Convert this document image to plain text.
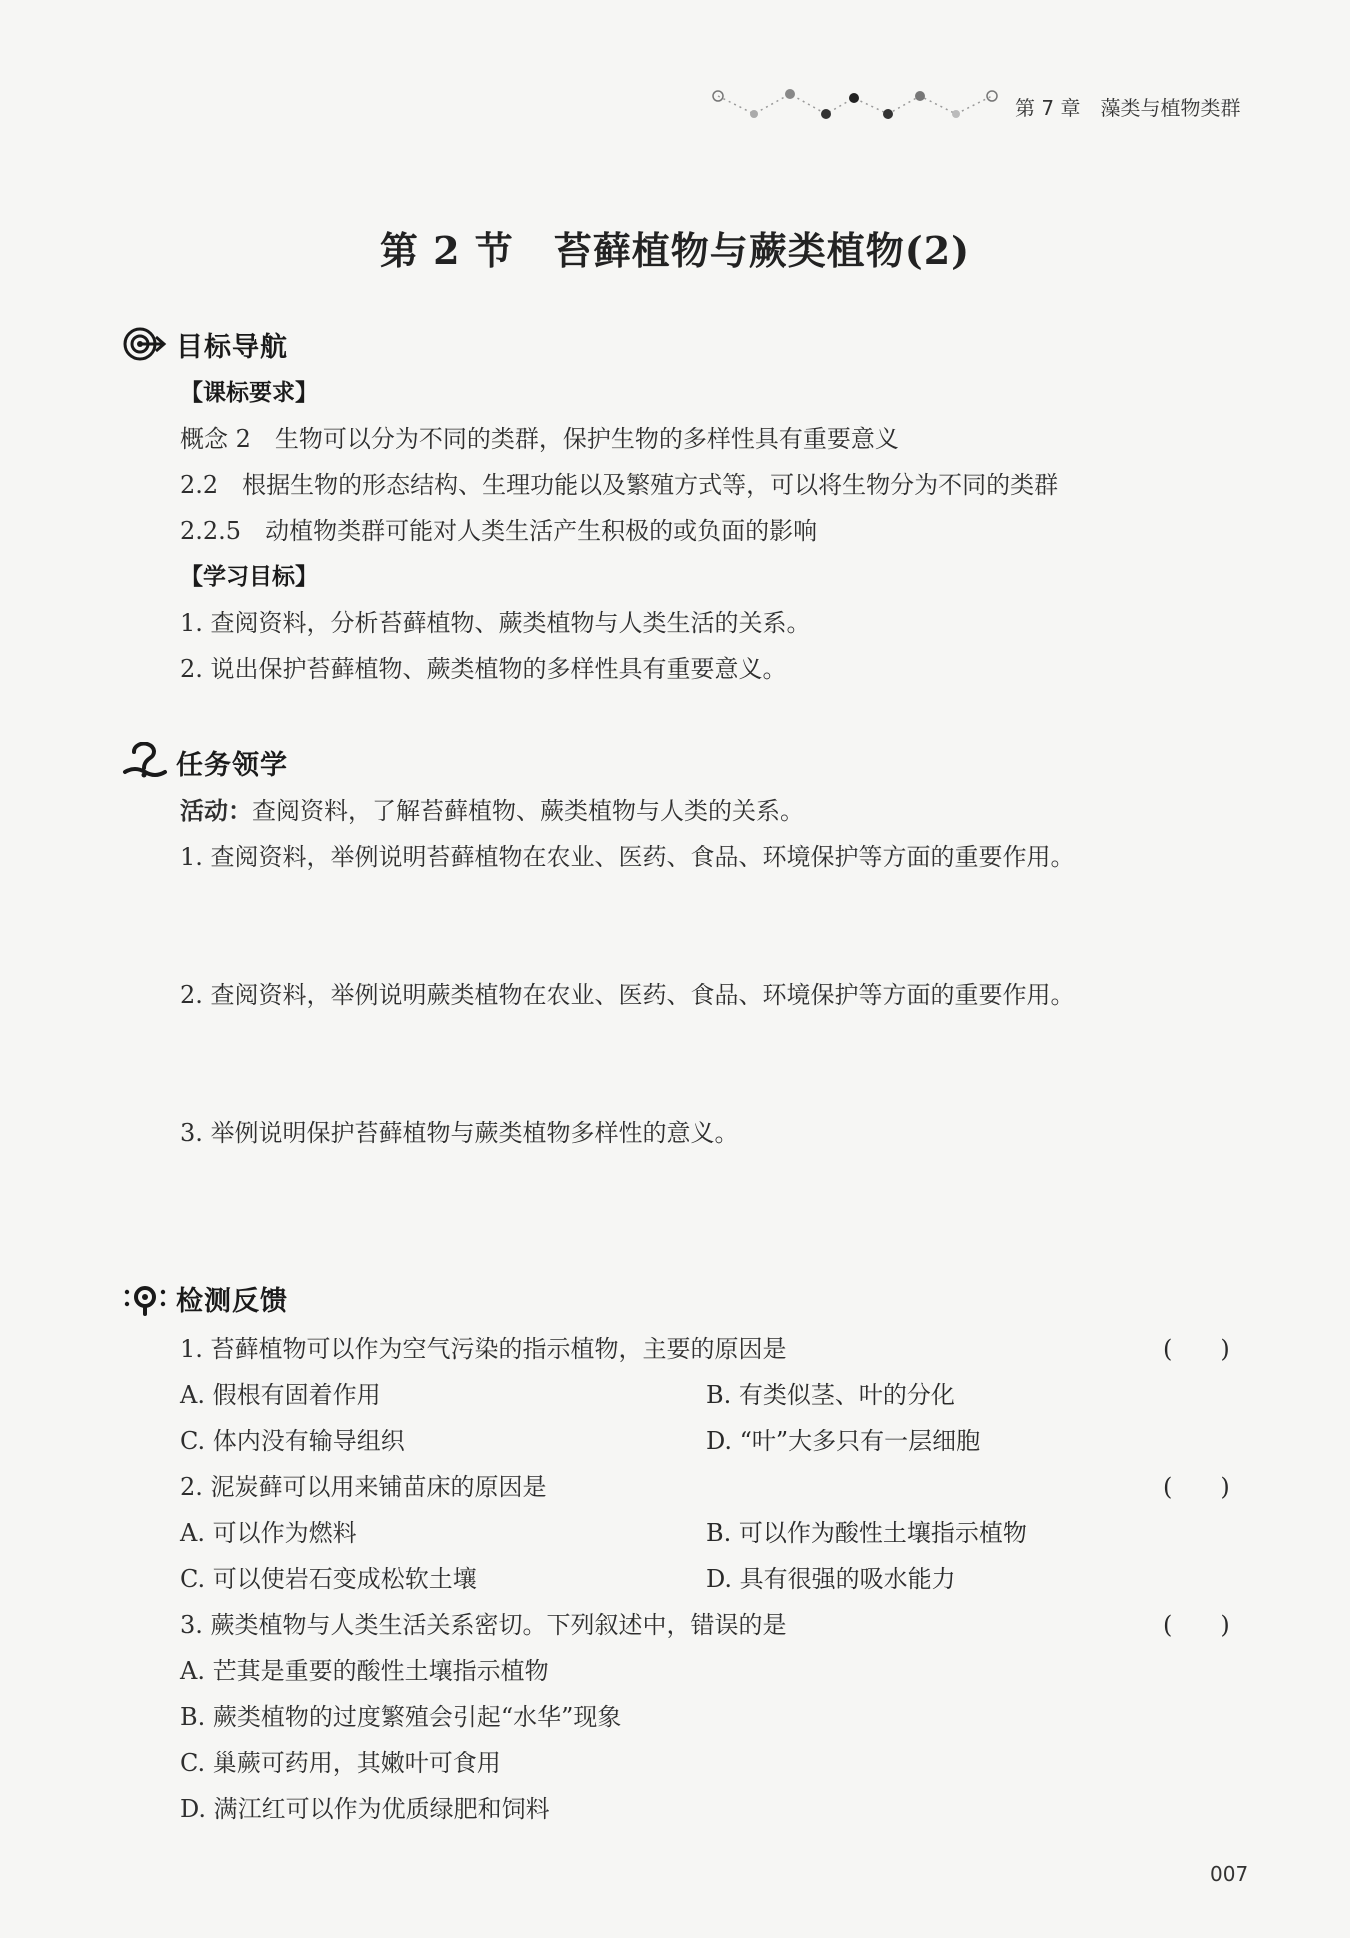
第 7 章 藻类与植物类群
第 2 节 苔藓植物与蕨类植物(2)
目标导航
【课标要求】
概念 2　生物可以分为不同的类群，保护生物的多样性具有重要意义
2.2　根据生物的形态结构、生理功能以及繁殖方式等，可以将生物分为不同的类群
2.2.5　动植物类群可能对人类生活产生积极的或负面的影响
【学习目标】
1. 查阅资料，分析苔藓植物、蕨类植物与人类生活的关系。
2. 说出保护苔藓植物、蕨类植物的多样性具有重要意义。
任务领学
活动：查阅资料，了解苔藓植物、蕨类植物与人类的关系。
1. 查阅资料，举例说明苔藓植物在农业、医药、食品、环境保护等方面的重要作用。
2. 查阅资料，举例说明蕨类植物在农业、医药、食品、环境保护等方面的重要作用。
3. 举例说明保护苔藓植物与蕨类植物多样性的意义。
检测反馈
1. 苔藓植物可以作为空气污染的指示植物，主要的原因是	(　　)
A. 假根有固着作用	B. 有类似茎、叶的分化
C. 体内没有输导组织	D. “叶”大多只有一层细胞
2. 泥炭藓可以用来铺苗床的原因是	(　　)
A. 可以作为燃料	B. 可以作为酸性土壤指示植物
C. 可以使岩石变成松软土壤	D. 具有很强的吸水能力
3. 蕨类植物与人类生活关系密切。下列叙述中，错误的是	(　　)
A. 芒萁是重要的酸性土壤指示植物
B. 蕨类植物的过度繁殖会引起“水华”现象
C. 巢蕨可药用，其嫩叶可食用
D. 满江红可以作为优质绿肥和饲料
007
